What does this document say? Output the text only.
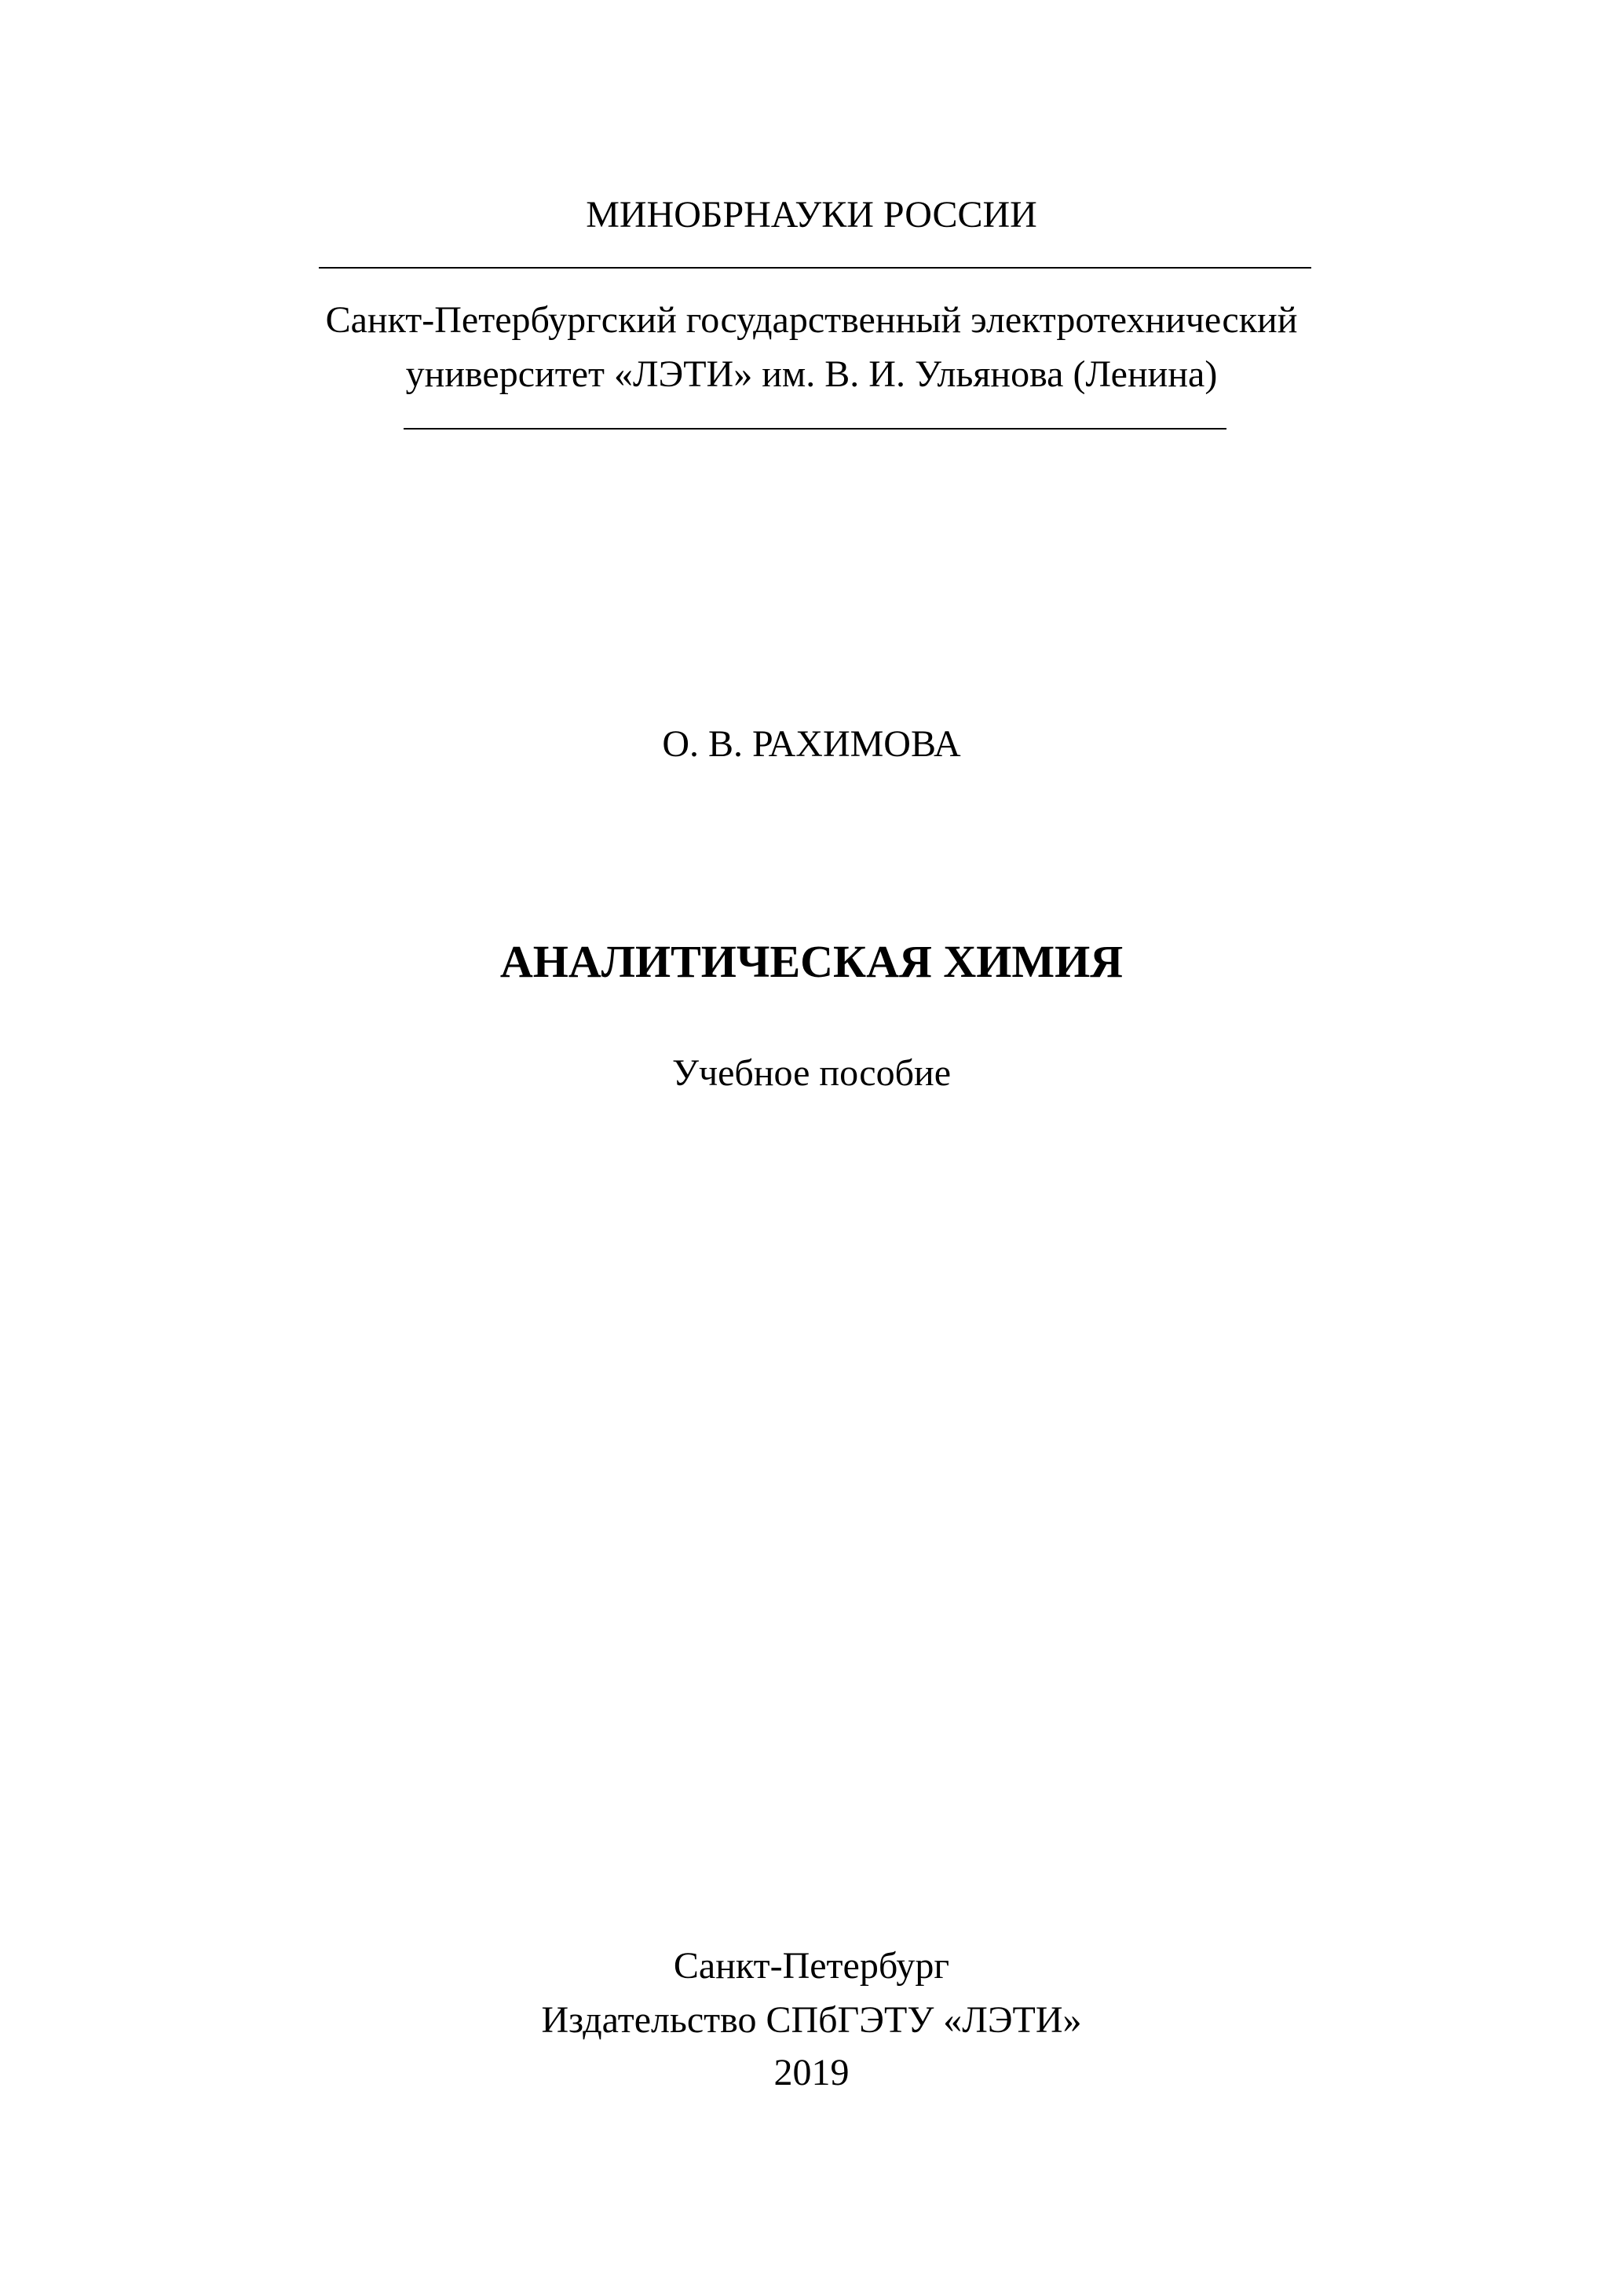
МИНОБРНАУКИ РОССИИ
Санкт-Петербургский государственный электротехнический
университет «ЛЭТИ» им. В. И. Ульянова (Ленина)
О. В. РАХИМОВА
АНАЛИТИЧЕСКАЯ ХИМИЯ
Учебное пособие
Санкт-Петербург
Издательство СПбГЭТУ «ЛЭТИ»
2019
